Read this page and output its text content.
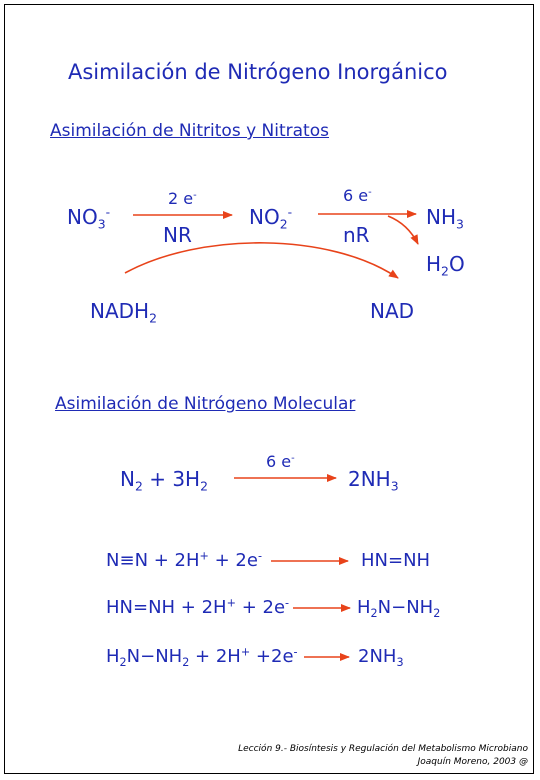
Asimilación de Nitrógeno Inorgánico
Asimilación de Nitritos y Nitratos
$NO_3^-$
2 e-
NR
$NO_2^-$
6 e-
nR
$NH_3$
$H_2O$
$NADH_2$	NAD
Asimilación de Nitrógeno Molecular
$N_2 + 3H_2$
6 e-
$2NH_3$
N≡N + 2H+ + 2e-	HN=NH
HN=NH + 2H+ + 2e-	$H_2N-NH_2$
$H_2N-NH_2 + 2H^+ +2e^-$	$2NH_3$
Lección 9.- Biosíntesis y Regulación del Metabolismo Microbiano
Joaquín Moreno, 2003 @
